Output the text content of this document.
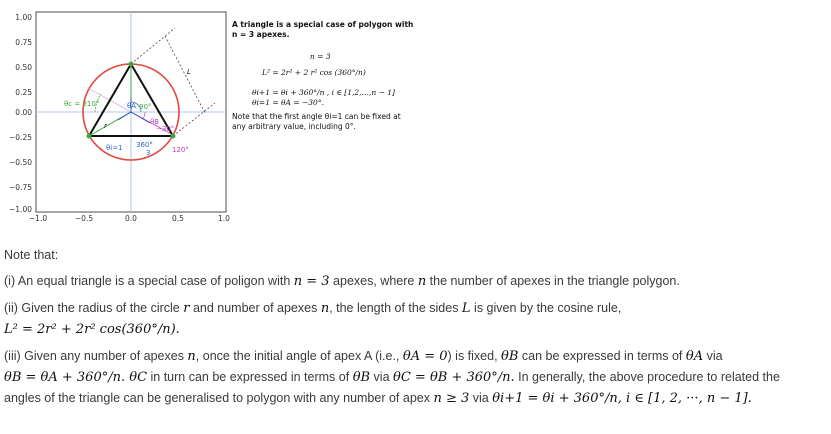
1.00
0.75
0.50
0.25
0.00
−0.25
−0.50
−0.75
−1.00
−1.0	−0.5	0.0	0.5	1.0
L
θc = 210°	θA 90°
θB
−30°
r
360°
3	120°
θi=1
A triangle is a special case of polygon with
n = 3 apexes.
n = 3
L² = 2r² + 2 r² cos (360°/n)
θi+1 = θi + 360°/n , i ∈ [1,2,…,n − 1]
θi=1 = θA = −30°.
Note that the first angle θi=1 can be fixed at
any arbitrary value, including 0°.

Note that:

(i) An equal triangle is a special case of poligon with n = 3 apexes, where n the number of apexes in the triangle polygon.

(ii) Given the radius of the circle r and number of apexes n, the length of the sides L is given by the cosine rule,
L² = 2r² + 2r² cos(360°/n).

(iii) Given any number of apexes n, once the initial angle of apex A (i.e., θA = 0) is fixed, θB can be expressed in terms of θA via
θB = θA + 360°/n. θC in turn can be expressed in terms of θB via θC = θB + 360°/n. In generally, the above procedure to related the
angles of the triangle can be generalised to polygon with any number of apex n ≥ 3 via θi+1 = θi + 360°/n, i ∈ [1, 2, ···, n − 1].
